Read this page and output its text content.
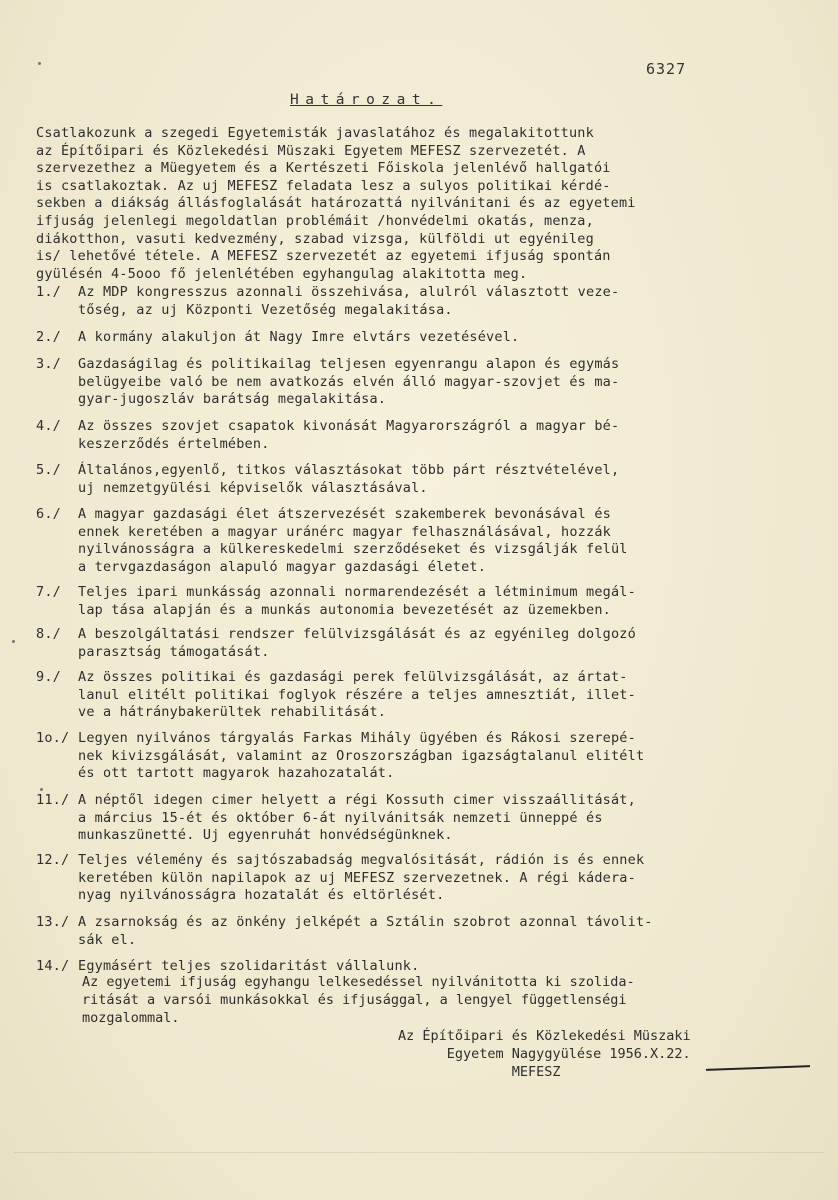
6327
Határozat.
Csatlakozunk a szegedi Egyetemisták javaslatához és megalakitottunk
az Építőipari és Közlekedési Müszaki Egyetem MEFESZ szervezetét. A
szervezethez a Müegyetem és a Kertészeti Főiskola jelenlévő hallgatói
is csatlakoztak. Az uj MEFESZ feladata lesz a sulyos politikai kérdé-
sekben a diákság állásfoglalását határozattá nyilvánitani és az egyetemi
ifjuság jelenlegi megoldatlan problémáit /honvédelmi okatás, menza,
diákotthon, vasuti kedvezmény, szabad vizsga, külföldi ut egyénileg
is/ lehetővé tétele. A MEFESZ szervezetét az egyetemi ifjuság spontán
gyülésén 4-5ooo fő jelenlétében egyhangulag alakitotta meg.
1./ Az MDP kongresszus azonnali összehivása, alulról választott veze-
tőség, az uj Központi Vezetőség megalakitása.
2./ A kormány alakuljon át Nagy Imre elvtárs vezetésével.
3./ Gazdaságilag és politikailag teljesen egyenrangu alapon és egymás
belügyeibe való be nem avatkozás elvén álló magyar-szovjet és ma-
gyar-jugoszláv barátság megalakitása.
4./ Az összes szovjet csapatok kivonását Magyarországról a magyar bé-
keszerződés értelmében.
5./ Általános,egyenlő, titkos választásokat több párt résztvételével,
uj nemzetgyülési képviselők választásával.
6./ A magyar gazdasági élet átszervezését szakemberek bevonásával és
ennek keretében a magyar uránérc magyar felhasználásával, hozzák
nyilvánosságra a külkereskedelmi szerződéseket és vizsgálják felül
a tervgazdaságon alapuló magyar gazdasági életet.
7./ Teljes ipari munkásság azonnali normarendezését a létminimum megál-
lap tása alapján és a munkás autonomia bevezetését az üzemekben.
8./ A beszolgáltatási rendszer felülvizsgálását és az egyénileg dolgozó
parasztság támogatását.
9./ Az összes politikai és gazdasági perek felülvizsgálását, az ártat-
lanul elitélt politikai foglyok részére a teljes amnesztiát, illet-
ve a hátránybakerültek rehabilitását.
1o./ Legyen nyilvános tárgyalás Farkas Mihály ügyében és Rákosi szerepé-
nek kivizsgálását, valamint az Oroszországban igazságtalanul elitélt
és ott tartott magyarok hazahozatalát.
11./ A néptől idegen cimer helyett a régi Kossuth cimer visszaállitását,
a március 15-ét és október 6-át nyilvánitsák nemzeti ünneppé és
munkaszünetté. Uj egyenruhát honvédségünknek.
12./ Teljes vélemény és sajtószabadság megvalósitását, rádión is és ennek
keretében külön napilapok az uj MEFESZ szervezetnek. A régi kádera-
nyag nyilvánosságra hozatalát és eltörlését.
13./ A zsarnokság és az önkény jelképét a Sztálin szobrot azonnal távolit-
sák el.
14./ Egymásért teljes szolidaritást vállalunk.
Az egyetemi ifjuság egyhangu lelkesedéssel nyilvánitotta ki szolida-
ritását a varsói munkásokkal és ifjusággal, a lengyel függetlenségi
mozgalommal.
Az Építőipari és Közlekedési Müszaki
Egyetem Nagygyülése 1956.X.22.
MEFESZ
